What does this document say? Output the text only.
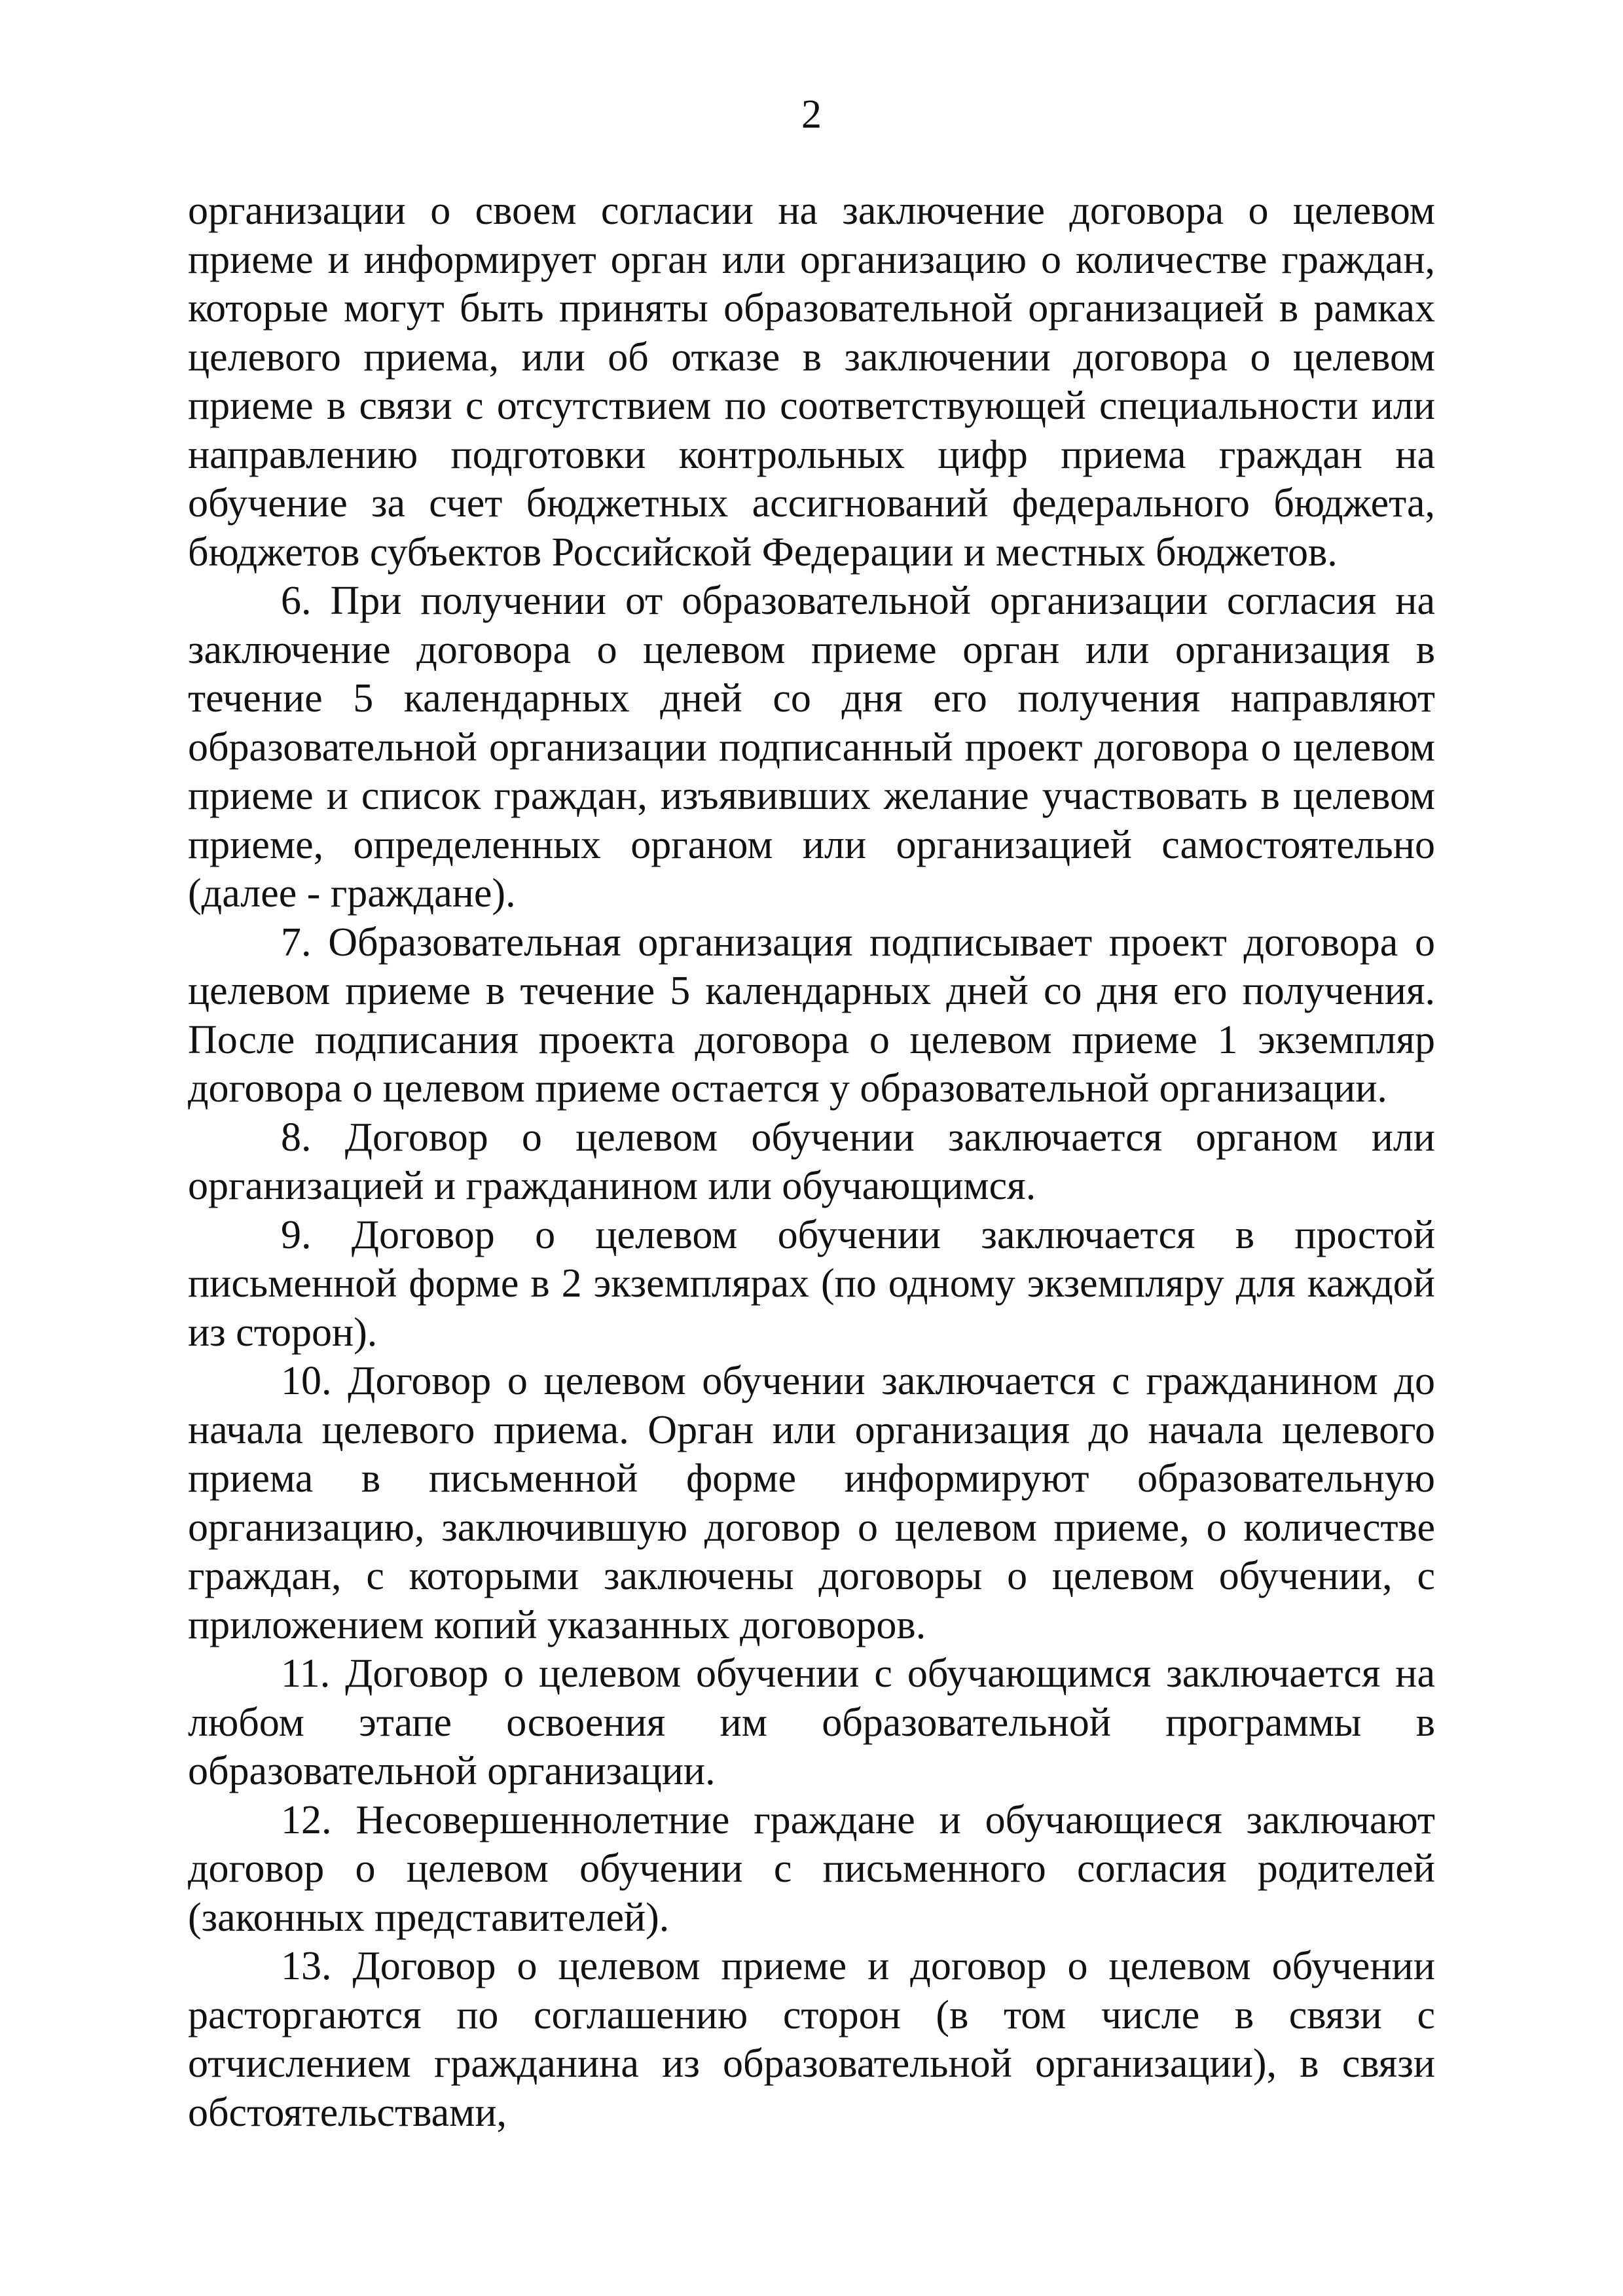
2

организации о своем согласии на заключение договора о целевом приеме и информирует орган или организацию о количестве граждан, которые могут быть приняты образовательной организацией в рамках целевого приема, или об отказе в заключении договора о целевом приеме в связи с отсутствием по соответствующей специальности или направлению подготовки контрольных цифр приема граждан на обучение за счет бюджетных ассигнований федерального бюджета, бюджетов субъектов Российской Федерации и местных бюджетов.

6. При получении от образовательной организации согласия на заключение договора о целевом приеме орган или организация в течение 5 календарных дней со дня его получения направляют образовательной организации подписанный проект договора о целевом приеме и список граждан, изъявивших желание участвовать в целевом приеме, определенных органом или организацией самостоятельно (далее - граждане).

7. Образовательная организация подписывает проект договора о целевом приеме в течение 5 календарных дней со дня его получения. После подписания проекта договора о целевом приеме 1 экземпляр договора о целевом приеме остается у образовательной организации.

8. Договор о целевом обучении заключается органом или организацией и гражданином или обучающимся.

9. Договор о целевом обучении заключается в простой письменной форме в 2 экземплярах (по одному экземпляру для каждой из сторон).

10. Договор о целевом обучении заключается с гражданином до начала целевого приема. Орган или организация до начала целевого приема в письменной форме информируют образовательную организацию, заключившую договор о целевом приеме, о количестве граждан, с которыми заключены договоры о целевом обучении, с приложением копий указанных договоров.

11. Договор о целевом обучении с обучающимся заключается на любом этапе освоения им образовательной программы в образовательной организации.

12. Несовершеннолетние граждане и обучающиеся заключают договор о целевом обучении с письменного согласия родителей (законных представителей).

13. Договор о целевом приеме и договор о целевом обучении расторгаются по соглашению сторон (в том числе в связи с отчислением гражданина из образовательной организации), в связи обстоятельствами,
